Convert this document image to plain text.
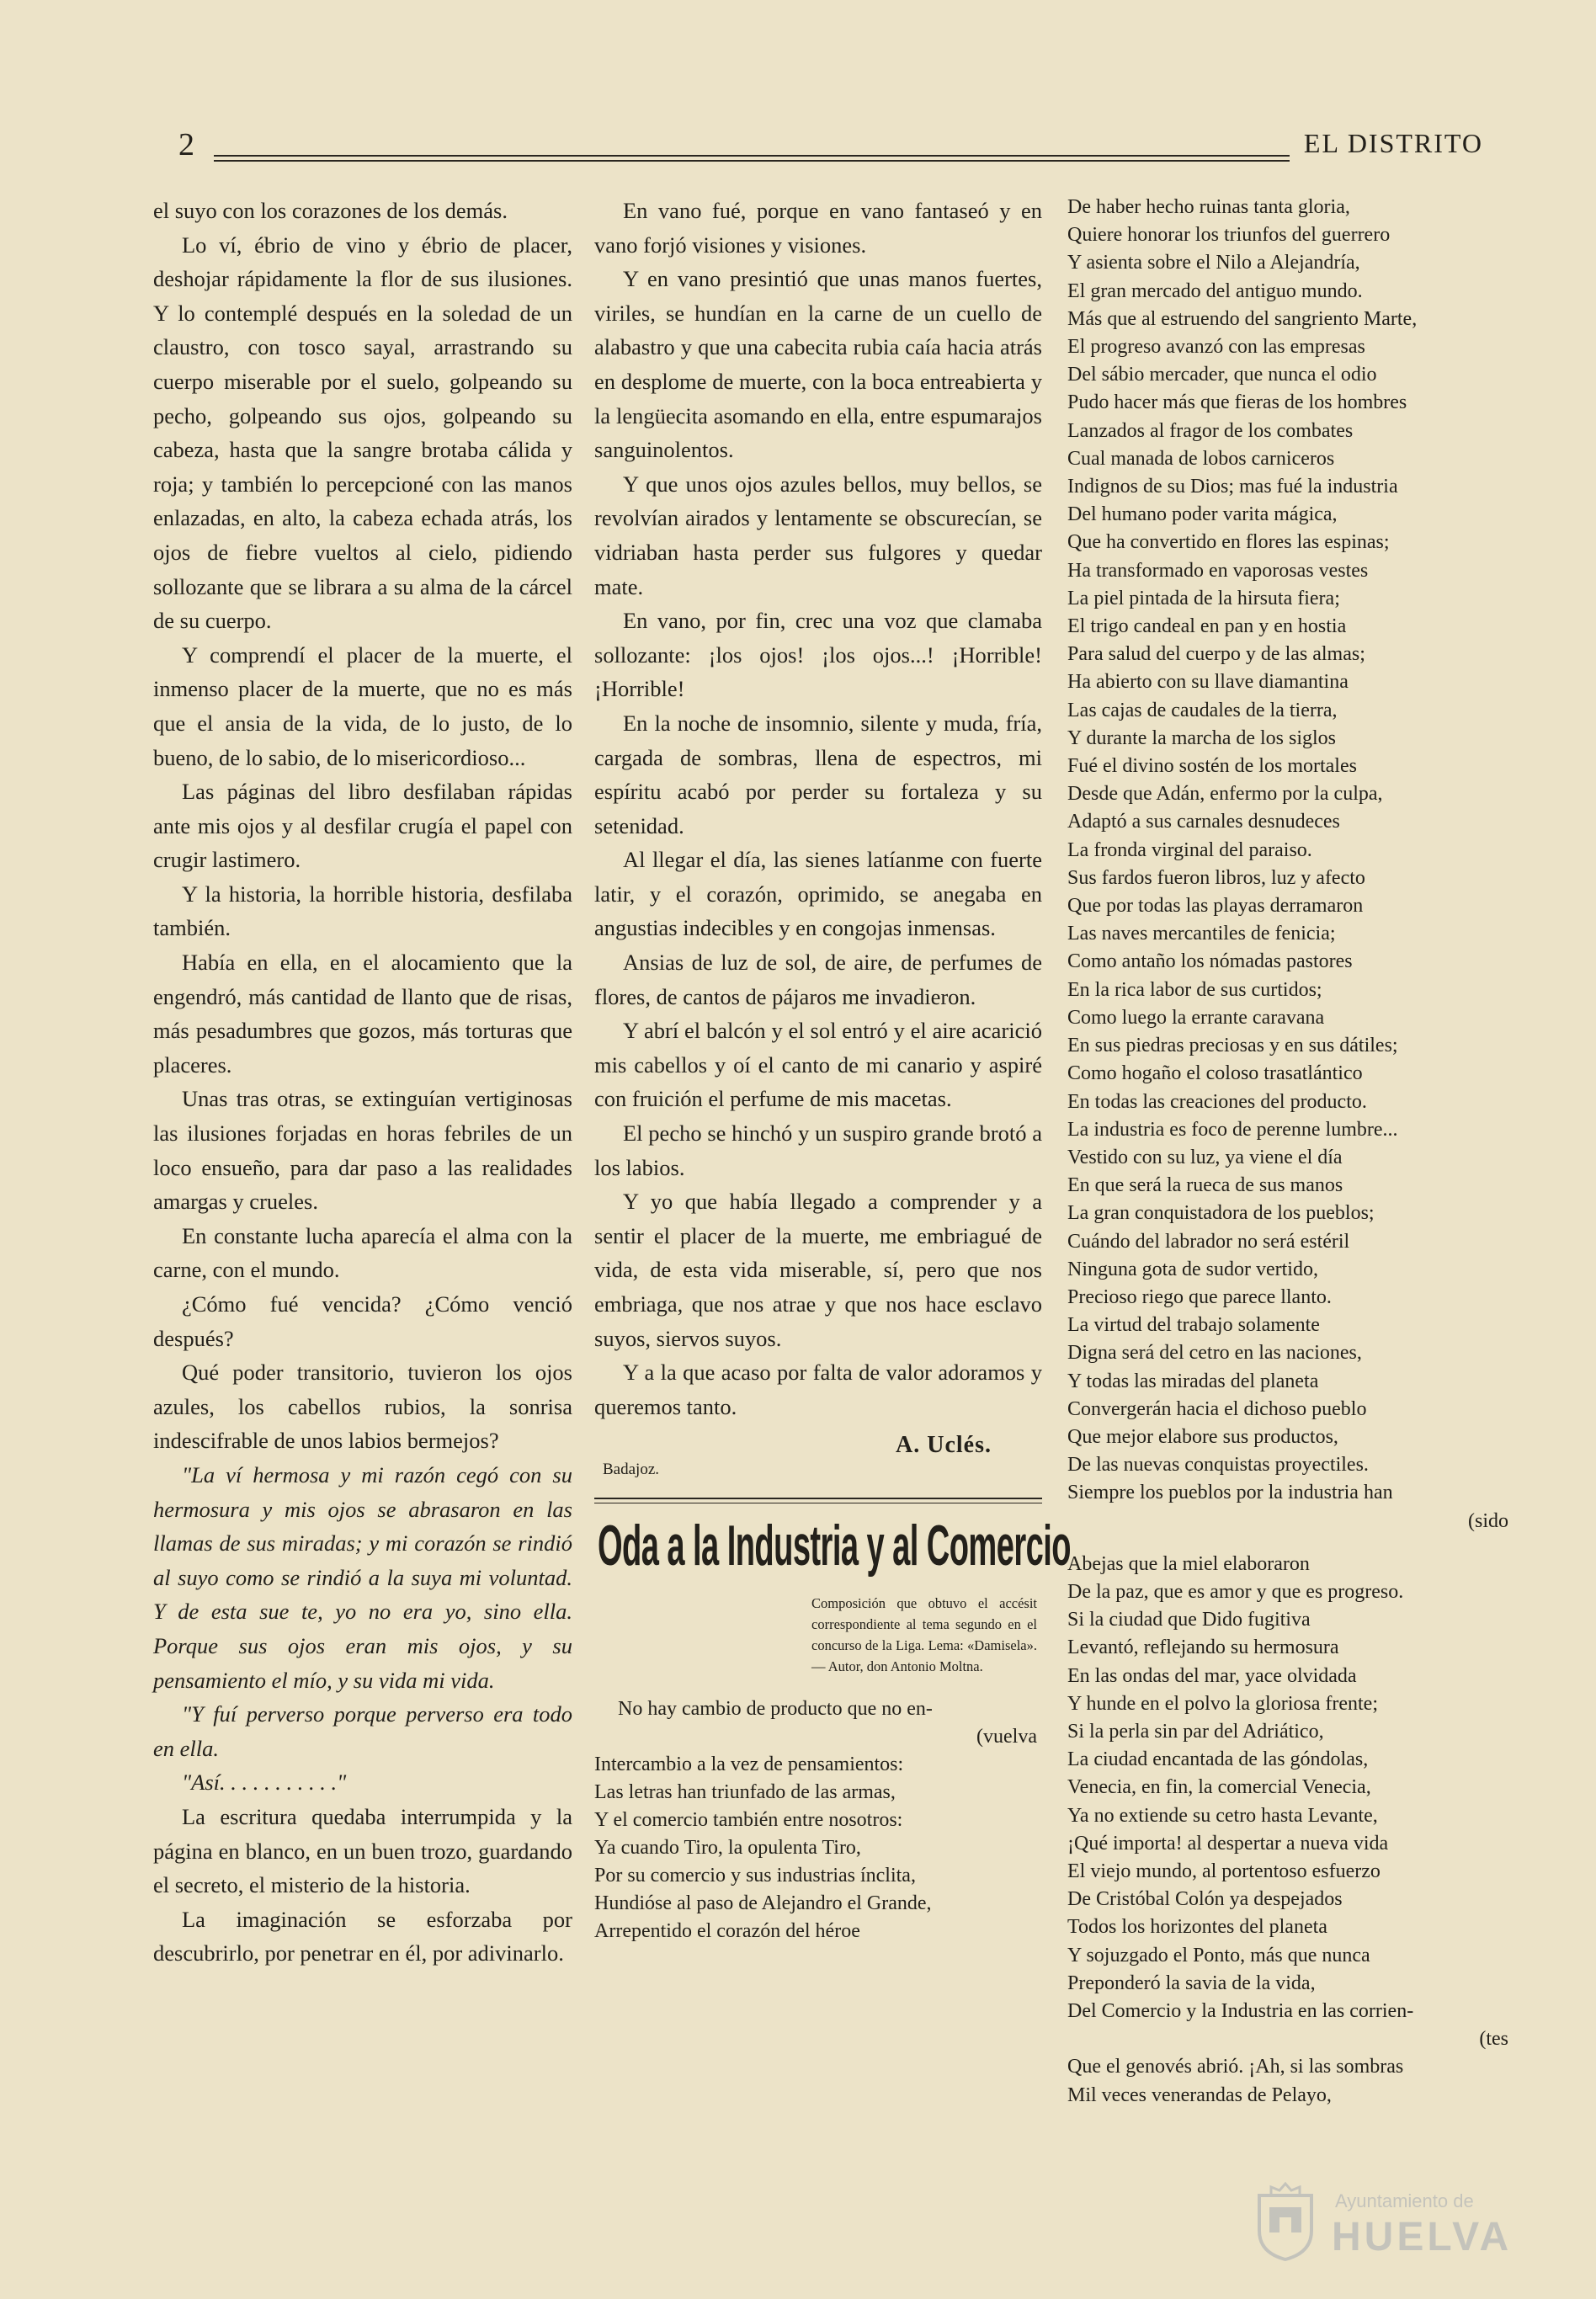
2	EL DISTRITO

el suyo con los corazones de los demás.

Lo ví, ébrio de vino y ébrio de placer, deshojar rápidamente la flor de sus ilusiones. Y lo contemplé después en la soledad de un claustro, con tosco sayal, arrastrando su cuerpo miserable por el suelo, golpeando su pecho, golpeando sus ojos, golpeando su cabeza, hasta que la sangre brotaba cálida y roja; y también lo percepcioné con las manos enlazadas, en alto, la cabeza echada atrás, los ojos de fiebre vueltos al cielo, pidiendo sollozante que se librara a su alma de la cárcel de su cuerpo.

Y comprendí el placer de la muerte, el inmenso placer de la muerte, que no es más que el ansia de la vida, de lo justo, de lo bueno, de lo sabio, de lo misericordioso...

Las páginas del libro desfilaban rápidas ante mis ojos y al desfilar crugía el papel con crugir lastimero.

Y la historia, la horrible historia, desfilaba también.

Había en ella, en el alocamiento que la engendró, más cantidad de llanto que de risas, más pesadumbres que gozos, más torturas que placeres.

Unas tras otras, se extinguían vertiginosas las ilusiones forjadas en horas febriles de un loco ensueño, para dar paso a las realidades amargas y crueles.

En constante lucha aparecía el alma con la carne, con el mundo.

¿Cómo fué vencida? ¿Cómo venció después?

Qué poder transitorio, tuvieron los ojos azules, los cabellos rubios, la sonrisa indescifrable de unos labios bermejos?

"La ví hermosa y mi razón cegó con su hermosura y mis ojos se abrasaron en las llamas de sus miradas; y mi corazón se rindió al suyo como se rindió a la suya mi voluntad. Y de esta sue te, yo no era yo, sino ella. Porque sus ojos eran mis ojos, y su pensamiento el mío, y su vida mi vida.

"Y fuí perverso porque perverso era todo en ella.

"Así. . . . . . . . . . ."

La escritura quedaba interrumpida y la página en blanco, en un buen trozo, guardando el secreto, el misterio de la historia.

La imaginación se esforzaba por descubrirlo, por penetrar en él, por adivinarlo.

En vano fué, porque en vano fantaseó y en vano forjó visiones y visiones.

Y en vano presintió que unas manos fuertes, viriles, se hundían en la carne de un cuello de alabastro y que una cabecita rubia caía hacia atrás en desplome de muerte, con la boca entreabierta y la lengüecita asomando en ella, entre espumarajos sanguinolentos.

Y que unos ojos azules bellos, muy bellos, se revolvían airados y lentamente se obscurecían, se vidriaban hasta perder sus fulgores y quedar mate.

En vano, por fin, crec una voz que clamaba sollozante: ¡los ojos! ¡los ojos...! ¡Horrible! ¡Horrible!

En la noche de insomnio, silente y muda, fría, cargada de sombras, llena de espectros, mi espíritu acabó por perder su fortaleza y su setenidad.

Al llegar el día, las sienes latíanme con fuerte latir, y el corazón, oprimido, se anegaba en angustias indecibles y en congojas inmensas.

Ansias de luz de sol, de aire, de perfumes de flores, de cantos de pájaros me invadieron.

Y abrí el balcón y el sol entró y el aire acarició mis cabellos y oí el canto de mi canario y aspiré con fruición el perfume de mis macetas.

El pecho se hinchó y un suspiro grande brotó a los labios.

Y yo que había llegado a comprender y a sentir el placer de la muerte, me embriagué de vida, de esta vida miserable, sí, pero que nos embriaga, que nos atrae y que nos hace esclavo suyos, siervos suyos.

Y a la que acaso por falta de valor adoramos y queremos tanto.

A. Uclés.
Badajoz.
Oda a la Industria y al Comercio
Composición que obtuvo el accésit correspondiente al tema segundo en el concurso de la Liga. Lema: «Damisela».— Autor, don Antonio Moltna.
No hay cambio de producto que no en-
(vuelva
Intercambio a la vez de pensamientos:
Las letras han triunfado de las armas,
Y el comercio también entre nosotros:
Ya cuando Tiro, la opulenta Tiro,
Por su comercio y sus industrias ínclita,
Hundióse al paso de Alejandro el Grande,
Arrepentido el corazón del héroe
De haber hecho ruinas tanta gloria,
Quiere honorar los triunfos del guerrero
Y asienta sobre el Nilo a Alejandría,
El gran mercado del antiguo mundo.
Más que al estruendo del sangriento Marte,
El progreso avanzó con las empresas
Del sábio mercader, que nunca el odio
Pudo hacer más que fieras de los hombres
Lanzados al fragor de los combates
Cual manada de lobos carniceros
Indignos de su Dios; mas fué la industria
Del humano poder varita mágica,
Que ha convertido en flores las espinas;
Ha transformado en vaporosas vestes
La piel pintada de la hirsuta fiera;
El trigo candeal en pan y en hostia
Para salud del cuerpo y de las almas;
Ha abierto con su llave diamantina
Las cajas de caudales de la tierra,
Y durante la marcha de los siglos
Fué el divino sostén de los mortales
Desde que Adán, enfermo por la culpa,
Adaptó a sus carnales desnudeces
La fronda virginal del paraiso.
Sus fardos fueron libros, luz y afecto
Que por todas las playas derramaron
Las naves mercantiles de fenicia;
Como antaño los nómadas pastores
En la rica labor de sus curtidos;
Como luego la errante caravana
En sus piedras preciosas y en sus dátiles;
Como hogaño el coloso trasatlántico
En todas las creaciones del producto.
La industria es foco de perenne lumbre...
Vestido con su luz, ya viene el día
En que será la rueca de sus manos
La gran conquistadora de los pueblos;
Cuándo del labrador no será estéril
Ninguna gota de sudor vertido,
Precioso riego que parece llanto.
La virtud del trabajo solamente
Digna será del cetro en las naciones,
Y todas las miradas del planeta
Convergerán hacia el dichoso pueblo
Que mejor elabore sus productos,
De las nuevas conquistas proyectiles.
Siempre los pueblos por la industria han
(sido
Abejas que la miel elaboraron
De la paz, que es amor y que es progreso.
Si la ciudad que Dido fugitiva
Levantó, reflejando su hermosura
En las ondas del mar, yace olvidada
Y hunde en el polvo la gloriosa frente;
Si la perla sin par del Adriático,
La ciudad encantada de las góndolas,
Venecia, en fin, la comercial Venecia,
Ya no extiende su cetro hasta Levante,
¡Qué importa! al despertar a nueva vida
El viejo mundo, al portentoso esfuerzo
De Cristóbal Colón ya despejados
Todos los horizontes del planeta
Y sojuzgado el Ponto, más que nunca
Preponderó la savia de la vida,
Del Comercio y la Industria en las corrien-
(tes
Que el genovés abrió. ¡Ah, si las sombras
Mil veces venerandas de Pelayo,
Ayuntamiento de
HUELVA
